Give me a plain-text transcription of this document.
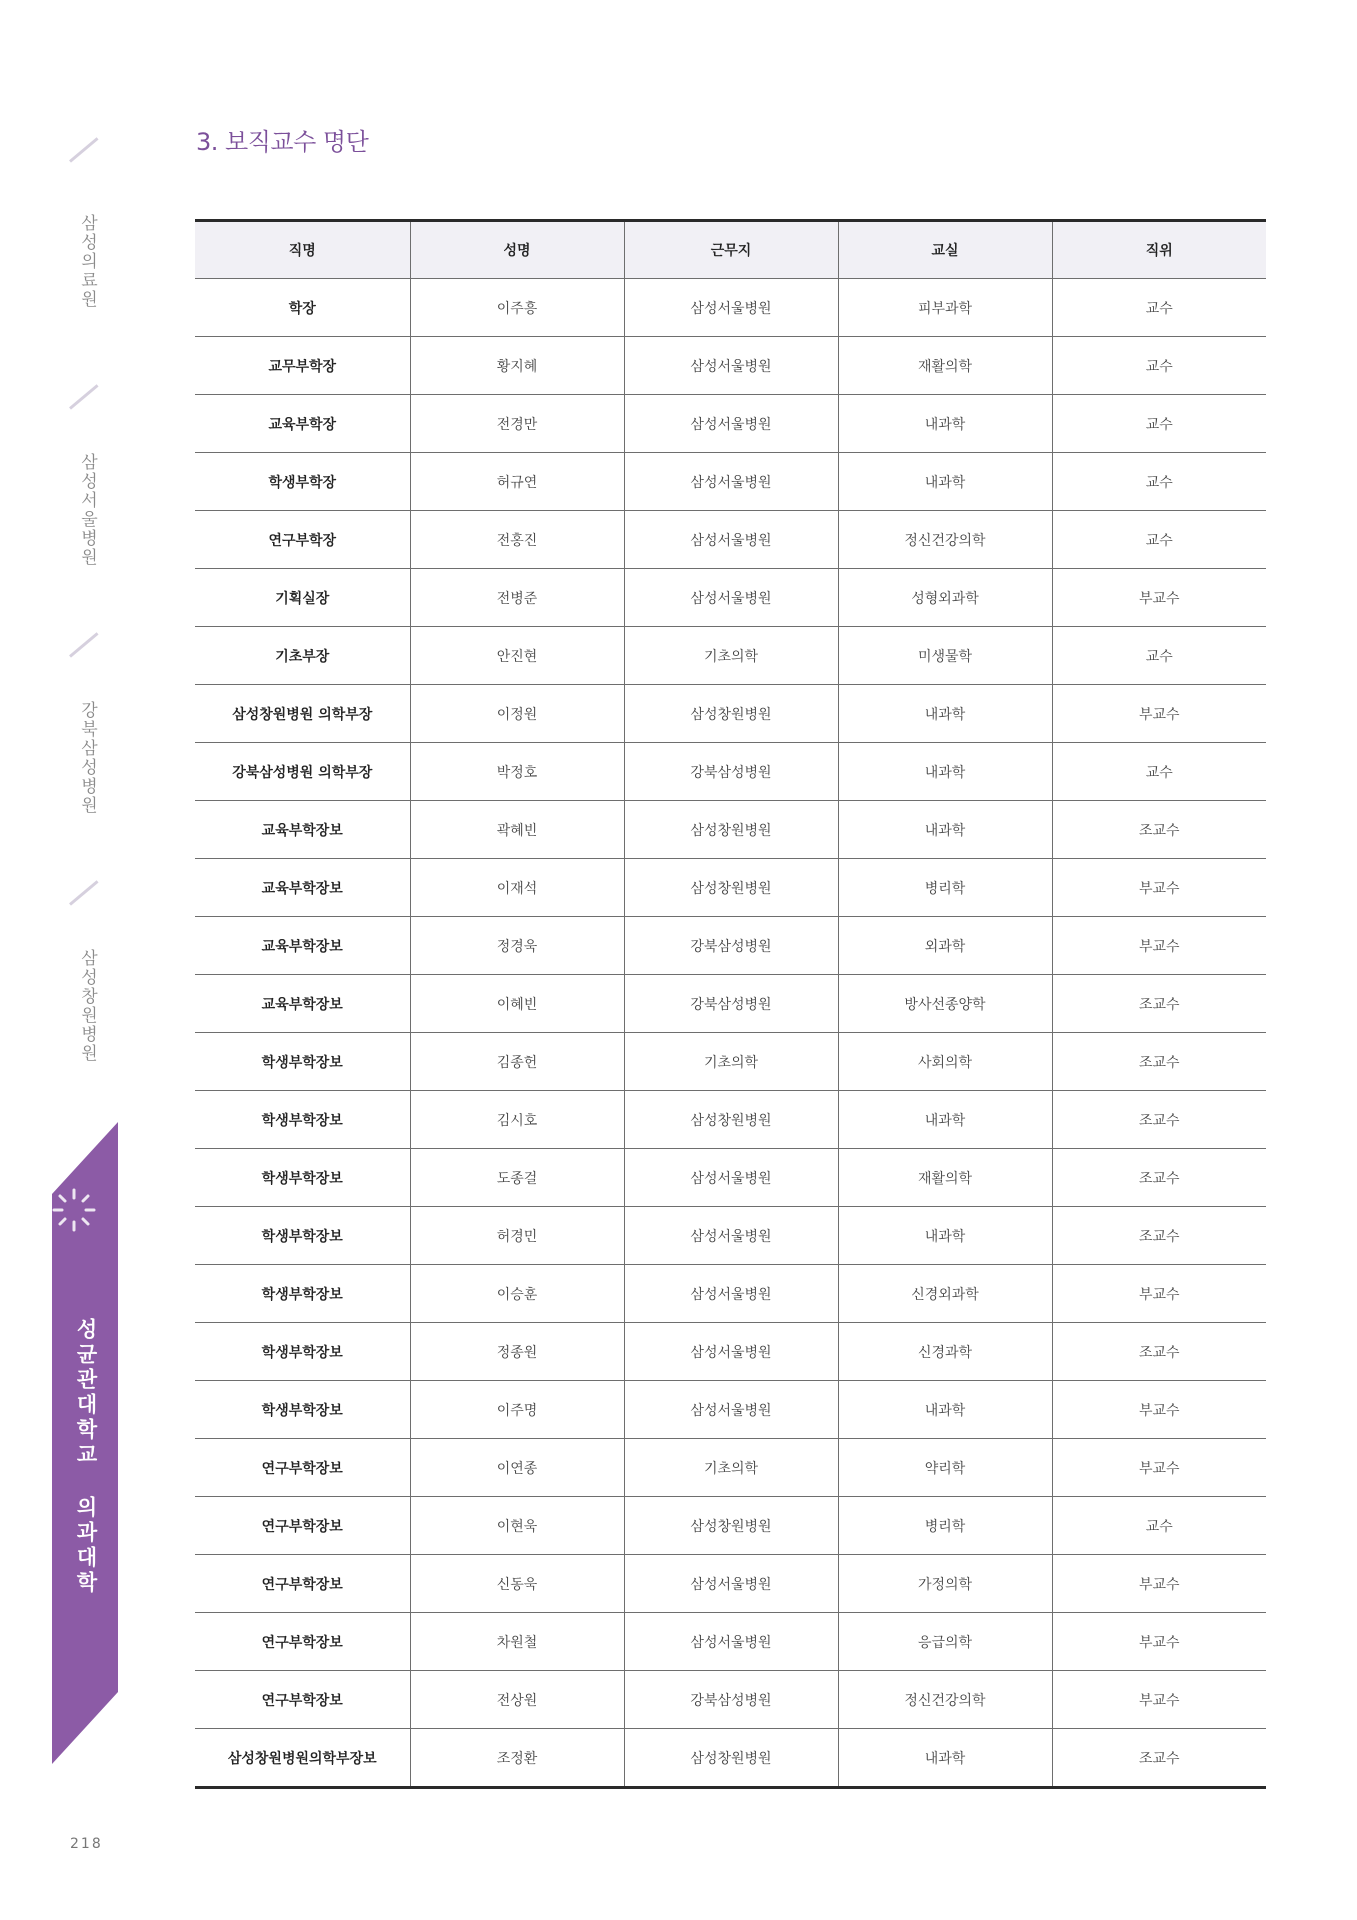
삼성의료원
삼성서울병원
강북삼성병원
삼성창원병원
성균관대학교 의과대학
218
3. 보직교수 명단
직명	성명	근무지	교실	직위
학장	이주흥	삼성서울병원	피부과학	교수
교무부학장	황지혜	삼성서울병원	재활의학	교수
교육부학장	전경만	삼성서울병원	내과학	교수
학생부학장	허규연	삼성서울병원	내과학	교수
연구부학장	전홍진	삼성서울병원	정신건강의학	교수
기획실장	전병준	삼성서울병원	성형외과학	부교수
기초부장	안진현	기초의학	미생물학	교수
삼성창원병원 의학부장	이정원	삼성창원병원	내과학	부교수
강북삼성병원 의학부장	박정호	강북삼성병원	내과학	교수
교육부학장보	곽혜빈	삼성창원병원	내과학	조교수
교육부학장보	이재석	삼성창원병원	병리학	부교수
교육부학장보	정경욱	강북삼성병원	외과학	부교수
교육부학장보	이혜빈	강북삼성병원	방사선종양학	조교수
학생부학장보	김종헌	기초의학	사회의학	조교수
학생부학장보	김시호	삼성창원병원	내과학	조교수
학생부학장보	도종걸	삼성서울병원	재활의학	조교수
학생부학장보	허경민	삼성서울병원	내과학	조교수
학생부학장보	이승훈	삼성서울병원	신경외과학	부교수
학생부학장보	정종원	삼성서울병원	신경과학	조교수
학생부학장보	이주명	삼성서울병원	내과학	부교수
연구부학장보	이연종	기초의학	약리학	부교수
연구부학장보	이현욱	삼성창원병원	병리학	교수
연구부학장보	신동욱	삼성서울병원	가정의학	부교수
연구부학장보	차원철	삼성서울병원	응급의학	부교수
연구부학장보	전상원	강북삼성병원	정신건강의학	부교수
삼성창원병원의학부장보	조정환	삼성창원병원	내과학	조교수
